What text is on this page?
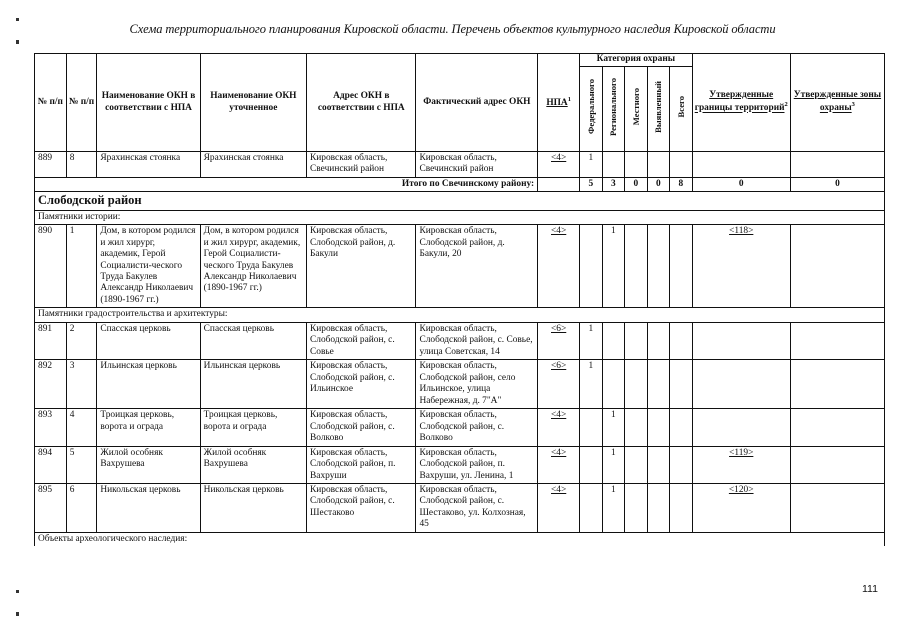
Схема территориального планирования Кировской области. Перечень объектов культурного наследия Кировской области
№ п/п	№ п/п	Наименование ОКН в соответствии с НПА	Наименование ОКН уточненное	Адрес ОКН в соответствии с НПА	Фактический адрес ОКН	НПА$^1$	Категория охраны					Утвержденные границы территорий$^2$	Утвержденные зоны охраны$^3$
							Федерального	Регионального	Местного	Выявленный	Всего		
889	8	Ярахинская стоянка	Ярахинская стоянка	Кировская область, Свечинский район	Кировская область, Свечинский район	<4>	1						
Итого по Свечинскому району:							5	3	0	0	8	0	0
Слободской район													
Памятники истории:													
890	1	Дом, в котором родился и жил хирург, академик, Герой Социалисти-ческого Труда Бакулев Александр Николаевич (1890-1967 гг.)	Дом, в котором родился и жил хирург, академик, Герой Социалисти-ческого Труда Бакулев Александр Николаевич (1890-1967 гг.)	Кировская область, Слободской район, д. Бакули	Кировская область, Слободской район, д. Бакули, 20	<4>		1				<118>	
Памятники градостроительства и архитектуры:													
891	2	Спасская церковь	Спасская церковь	Кировская область, Слободской район, с. Совье	Кировская область, Слободской район, с. Совье, улица Советская, 14	<6>	1						
892	3	Ильинская церковь	Ильинская церковь	Кировская область, Слободской район, с. Ильинское	Кировская область, Слободской район, село Ильинское, улица Набережная, д. 7"А"	<6>	1						
893	4	Троицкая церковь, ворота и ограда	Троицкая церковь, ворота и ограда	Кировская область, Слободской район, с. Волково	Кировская область, Слободской район, с. Волково	<4>		1					
894	5	Жилой особняк Вахрушева	Жилой особняк Вахрушева	Кировская область, Слободской район, п. Вахруши	Кировская область, Слободской район, п. Вахруши, ул. Ленина, 1	<4>		1				<119>	
895	6	Никольская церковь	Никольская церковь	Кировская область, Слободской район, с. Шестаково	Кировская область, Слободской район, с. Шестаково, ул. Колхозная, 45	<4>		1				<120>	
Объекты археологического наследия:													
111
